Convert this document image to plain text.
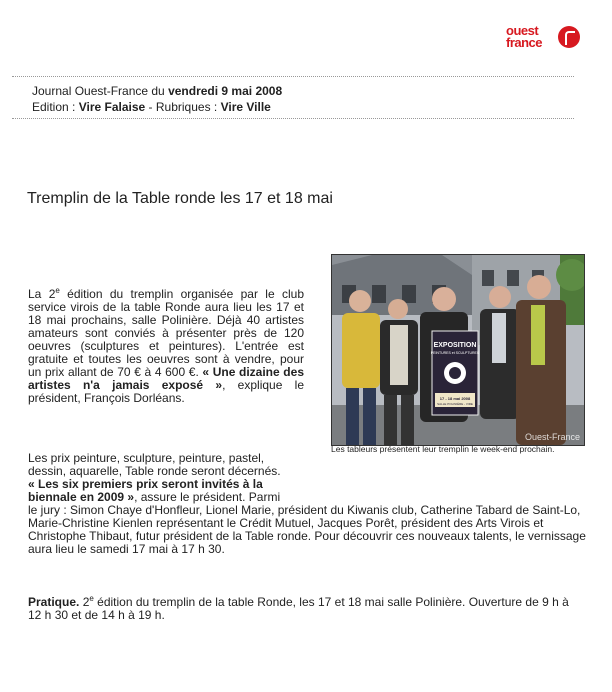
ouest
france
Journal Ouest-France du vendredi 9 mai 2008
Edition : Vire Falaise - Rubriques : Vire Ville
Tremplin de la Table ronde les 17 et 18 mai
La 2e édition du tremplin organisée par le club service virois de la table Ronde aura lieu les 17 et 18 mai prochains, salle Polinière. Déjà 40 artistes amateurs sont conviés à présenter près de 120 oeuvres (sculptures et peintures). L'entrée est gratuite et toutes les oeuvres sont à vendre, pour un prix allant de 70 € à 4 600 €. « Une dizaine des artistes n'a jamais exposé », explique le président, François Dorléans.
EXPOSITION
PEINTURES et SCULPTURES
17 - 18 mai 2008
SALLE POLINIÈRE - VIRE
Ouest-France
Les tableurs présentent leur tremplin le week-end prochain.
Les prix peinture, sculpture, peinture, pastel, dessin, aquarelle, Table ronde seront décernés. « Les six premiers prix seront invités à la biennale en 2009 », assure le président. Parmi le jury : Simon Chaye d'Honfleur, Lionel Marie, président du Kiwanis club, Catherine Tabard de Saint-Lo, Marie-Christine Kienlen représentant le Crédit Mutuel, Jacques Porêt, président des Arts Virois et Christophe Thibaut, futur président de la Table ronde. Pour découvrir ces nouveaux talents, le vernissage aura lieu le samedi 17 mai à 17 h 30.
Pratique. 2e édition du tremplin de la table Ronde, les 17 et 18 mai salle Polinière. Ouverture de 9 h à 12 h 30 et de 14 h à 19 h.
